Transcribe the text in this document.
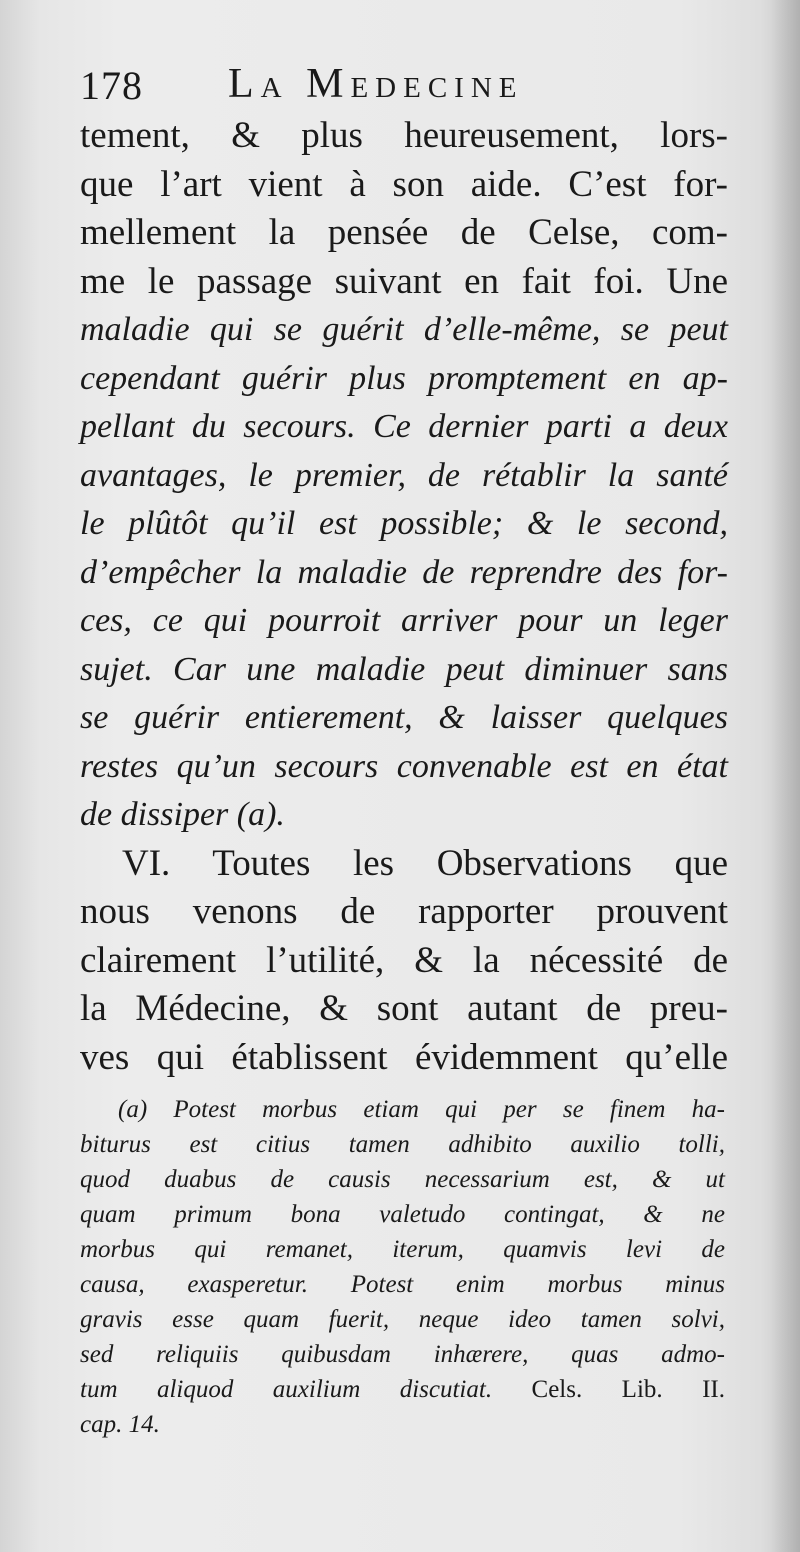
178 La Medecine
tement, & plus heureusement, lors-
que l’art vient à son aide. C’est for-
mellement la pensée de Celse, com-
me le passage suivant en fait foi. Une
maladie qui se guérit d’elle-même, se peut
cependant guérir plus promptement en ap-
pellant du secours. Ce dernier parti a deux
avantages, le premier, de rétablir la santé
le plûtôt qu’il est possible; & le second,
d’empêcher la maladie de reprendre des for-
ces, ce qui pourroit arriver pour un leger
sujet. Car une maladie peut diminuer sans
se guérir entierement, & laisser quelques
restes qu’un secours convenable est en état
de dissiper (a).
VI. Toutes les Observations que
nous venons de rapporter prouvent
clairement l’utilité, & la nécessité de
la Médecine, & sont autant de preu-
ves qui établissent évidemment qu’elle
(a) Potest morbus etiam qui per se finem ha-
biturus est citius tamen adhibito auxilio tolli,
quod duabus de causis necessarium est, & ut
quam primum bona valetudo contingat, & ne
morbus qui remanet, iterum, quamvis levi de
causa, exasperetur. Potest enim morbus minus
gravis esse quam fuerit, neque ideo tamen solvi,
sed reliquiis quibusdam inhærere, quas admo-
tum aliquod auxilium discutiat. Cels. Lib. II.
cap. 14.
